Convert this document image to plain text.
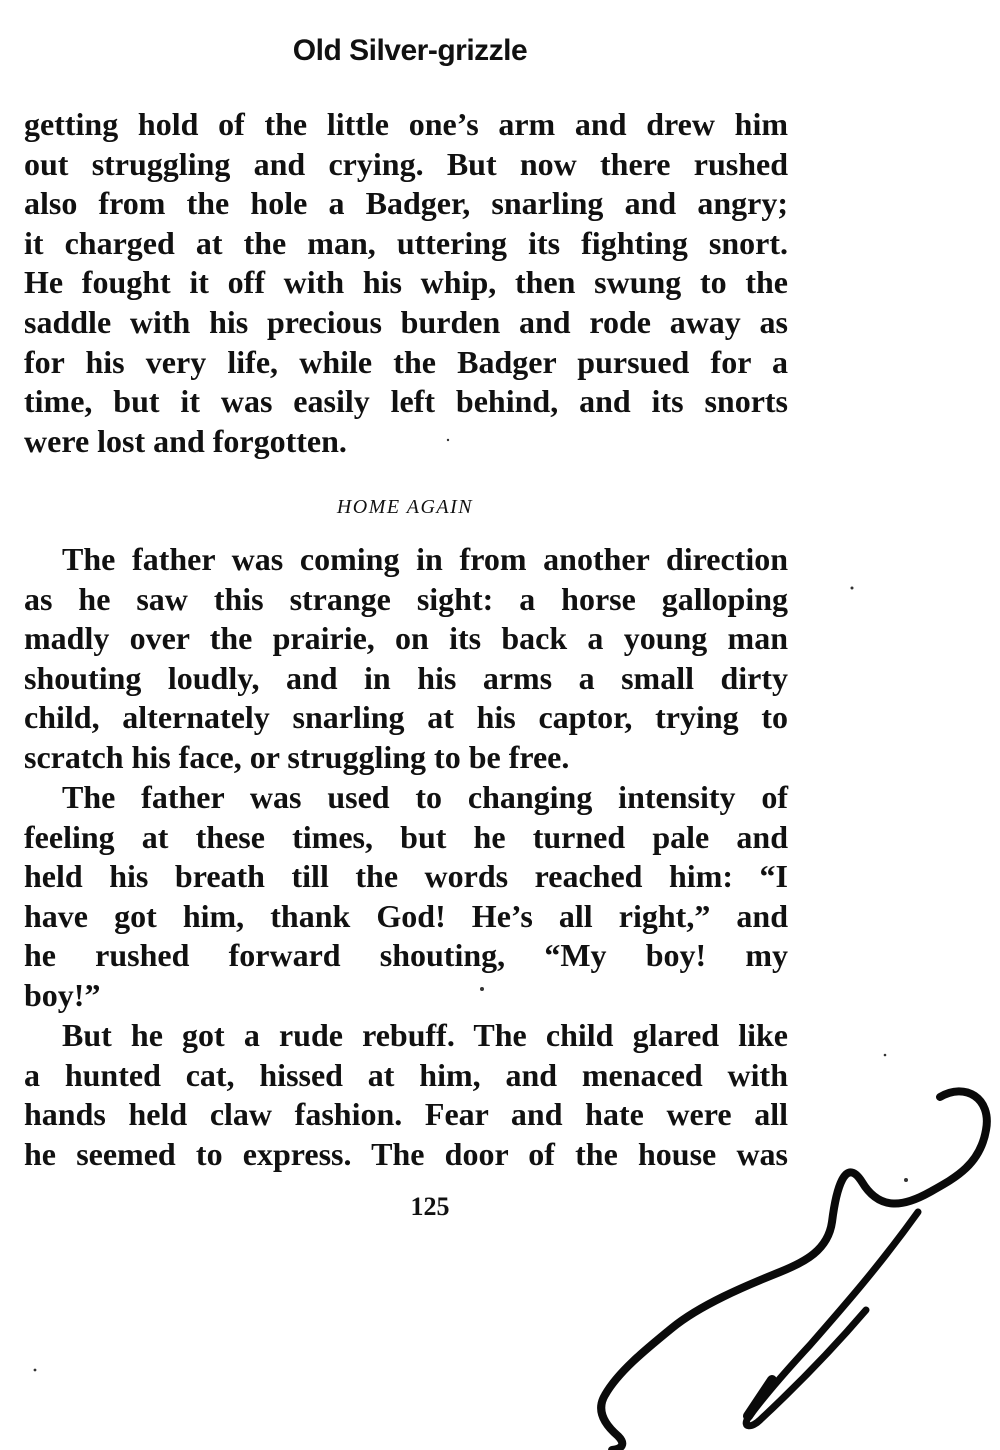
Old Silver-grizzle
getting hold of the little one’s arm and drew him
out struggling and crying. But now there rushed
also from the hole a Badger, snarling and angry;
it charged at the man, uttering its fighting snort.
He fought it off with his whip, then swung to the
saddle with his precious burden and rode away as
for his very life, while the Badger pursued for a
time, but it was easily left behind, and its snorts
were lost and forgotten.
HOME AGAIN
The father was coming in from another direction
as he saw this strange sight: a horse galloping
madly over the prairie, on its back a young man
shouting loudly, and in his arms a small dirty
child, alternately snarling at his captor, trying to
scratch his face, or struggling to be free.
The father was used to changing intensity of
feeling at these times, but he turned pale and
held his breath till the words reached him: “I
have got him, thank God! He’s all right,” and
he rushed forward shouting, “My boy! my
boy!”
But he got a rude rebuff. The child glared like
a hunted cat, hissed at him, and menaced with
hands held claw fashion. Fear and hate were all
he seemed to express. The door of the house was
125
